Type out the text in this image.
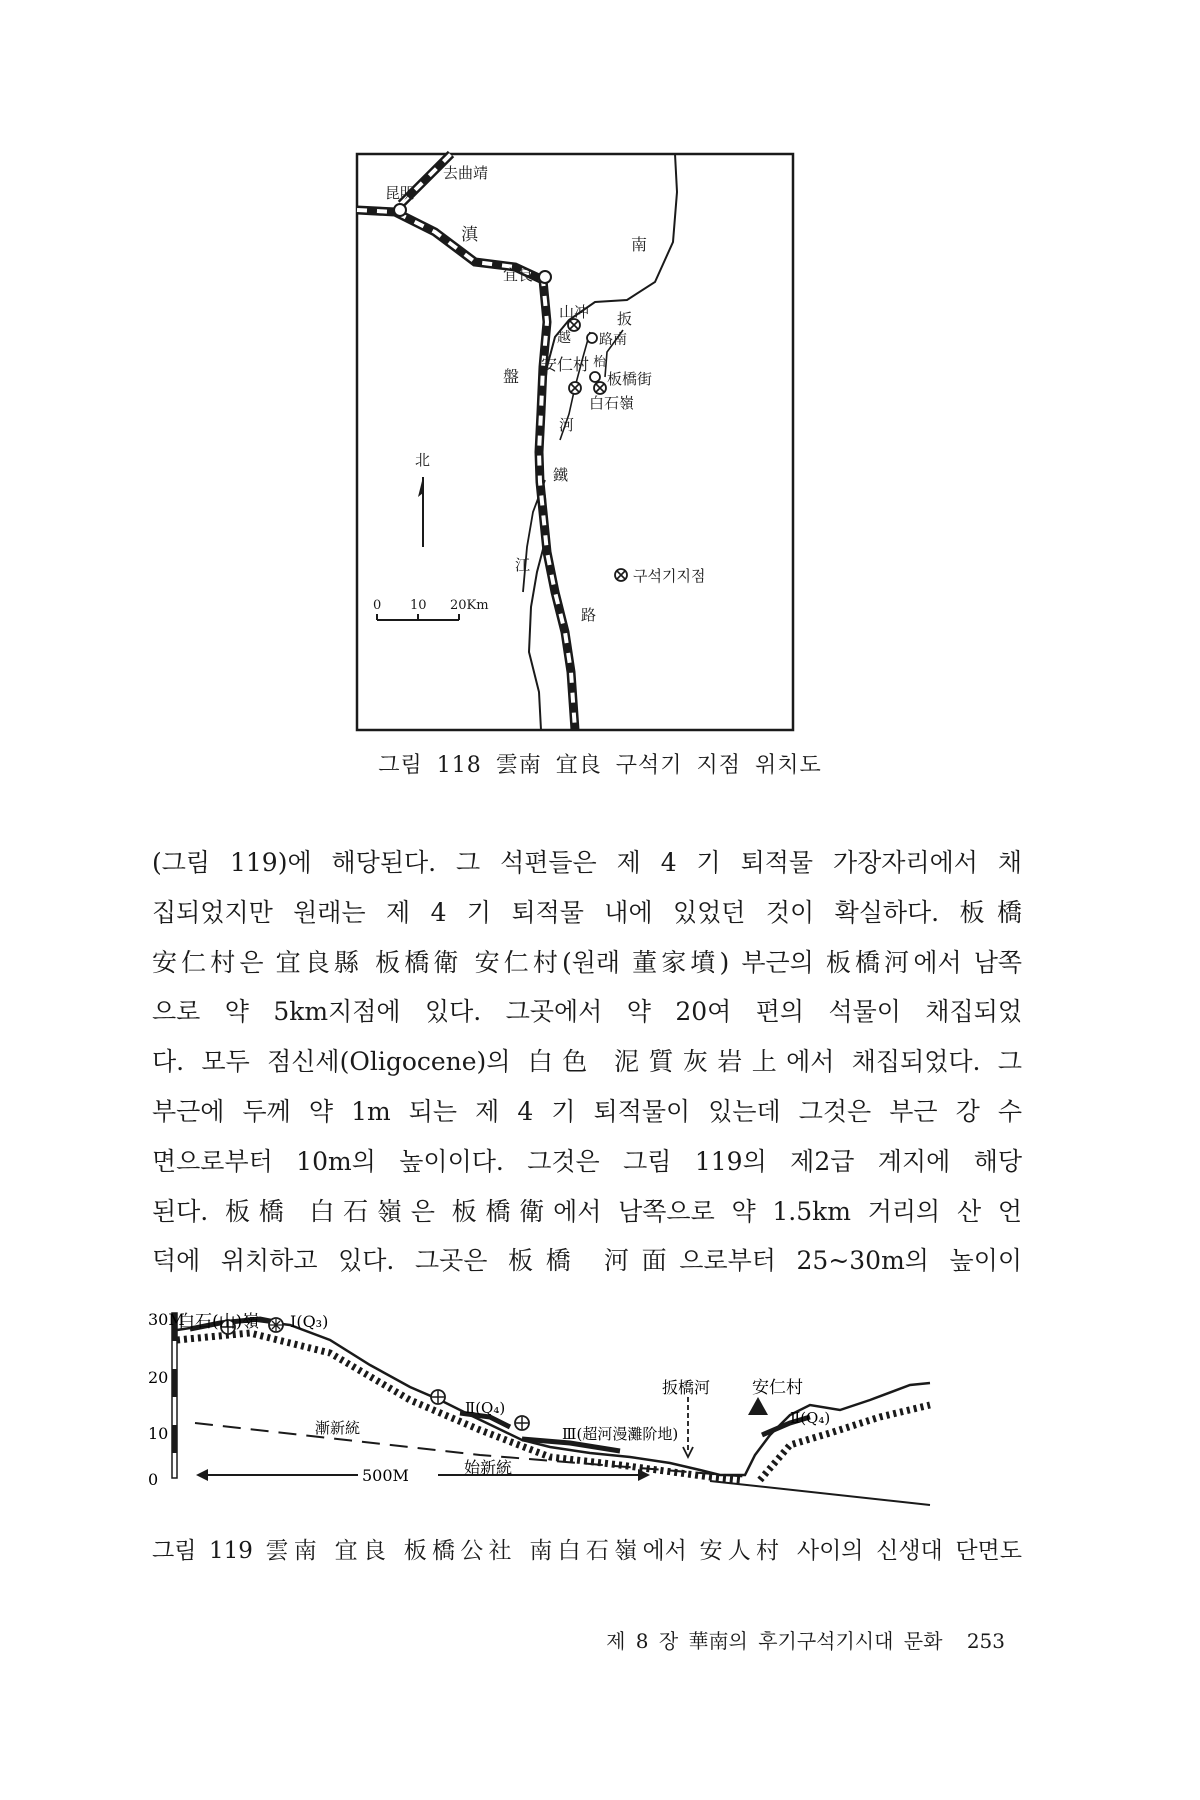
去曲靖
昆明
滇	南
宜良
山冲
越
扳
路南
安仁村 枱
板橋街
盤
白石嶺
河
北
鐵
江
路
구석기지점
0 10 20Km
그림 118 雲南 宜良 구석기 지점 위치도
(그림 119)에 해당된다. 그 석편들은 제 4 기 퇴적물 가장자리에서 채
집되었지만 원래는 제 4 기 퇴적물 내에 있었던 것이 확실하다. 板橋
安仁村은 宜良縣 板橋衛 安仁村(원래 董家墳) 부근의 板橋河에서 남쪽
으로 약 5km지점에 있다. 그곳에서 약 20여 편의 석물이 채집되었
다. 모두 점신세(Oligocene)의 白色 泥質灰岩上에서 채집되었다. 그
부근에 두께 약 1m 되는 제 4 기 퇴적물이 있는데 그것은 부근 강 수
면으로부터 10m의 높이이다. 그것은 그림 119의 제2급 계지에 해당
된다. 板橋 白石嶺은 板橋衛에서 남쪽으로 약 1.5km 거리의 산 언
덕에 위치하고 있다. 그곳은 板橋 河面으로부터 25~30m의 높이이
30M
20
10
0
白石(山)嶺 Ⅰ(Q₃)
Ⅱ(Q₄)
漸新統	Ⅲ(超河漫灘阶地)
扳橋河 安仁村
Ⅱ(Q₄)
始新統
500M
그림 119 雲南 宜良 板橋公社 南白石嶺에서 安人村 사이의 신생대 단면도
제 8 장 華南의 후기구석기시대 문화 253
